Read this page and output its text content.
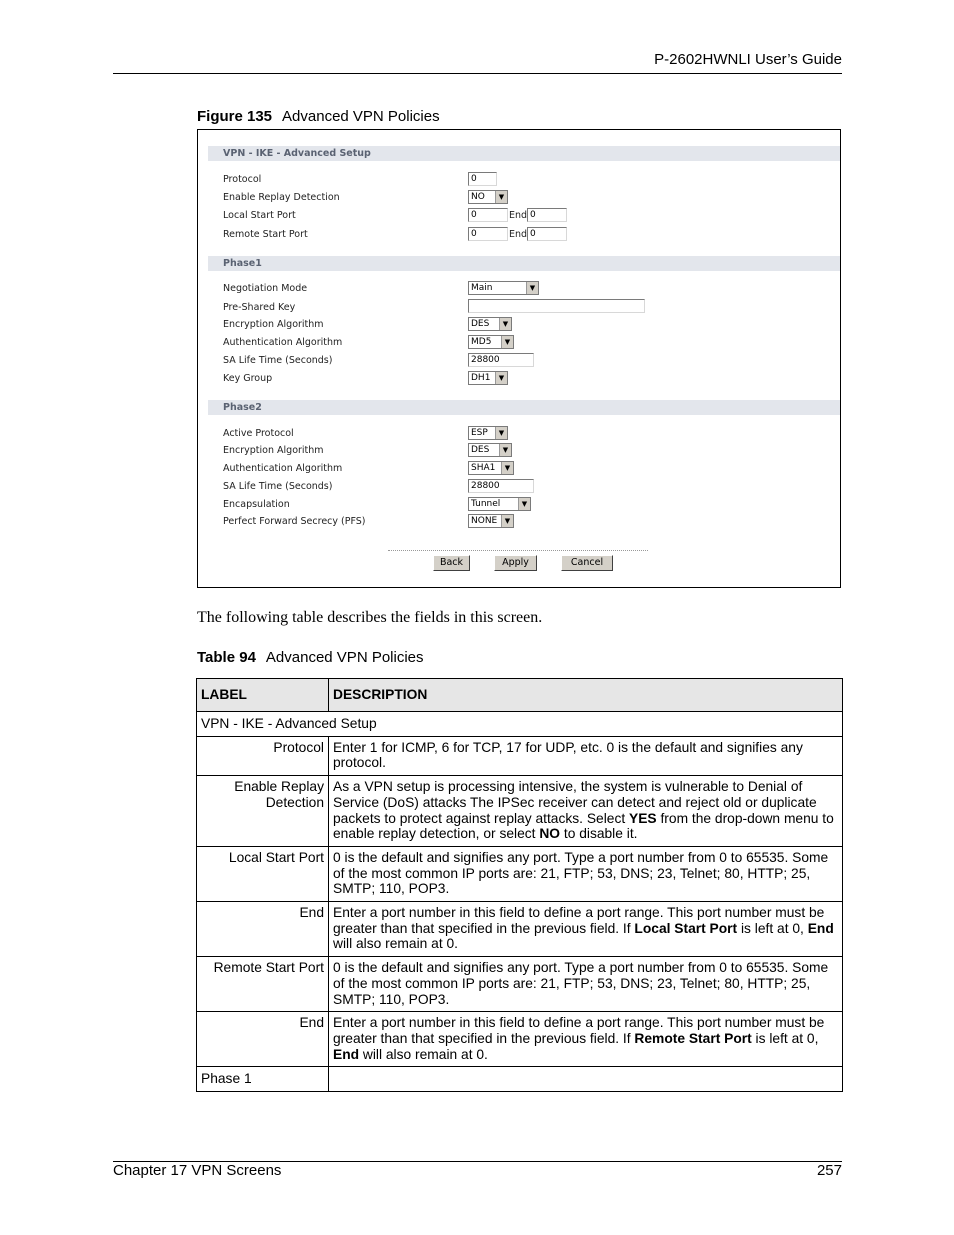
P-2602HWNLI User’s Guide
Figure 135 Advanced VPN Policies
VPN - IKE - Advanced Setup
Protocol	0
Enable Replay Detection	NO	▼
Local Start Port	0	End 0
Remote Start Port	0	End 0
Phase1
Negotiation Mode	Main	▼
Pre-Shared Key
Encryption Algorithm	DES	▼
Authentication Algorithm	MD5	▼
SA Life Time (Seconds)	28800
Key Group	DH1	▼
Phase2
Active Protocol	ESP	▼
Encryption Algorithm	DES	▼
Authentication Algorithm	SHA1	▼
SA Life Time (Seconds)	28800
Encapsulation	Tunnel	▼
Perfect Forward Secrecy (PFS)	NONE	▼
Back	Apply	Cancel
The following table describes the fields in this screen.
Table 94 Advanced VPN Policies
LABEL	DESCRIPTION
VPN - IKE - Advanced Setup	
Protocol	Enter 1 for ICMP, 6 for TCP, 17 for UDP, etc. 0 is the default and signifies any protocol.
Enable Replay Detection	As a VPN setup is processing intensive, the system is vulnerable to Denial of Service (DoS) attacks The IPSec receiver can detect and reject old or duplicate packets to protect against replay attacks. Select YES from the drop-down menu to enable replay detection, or select NO to disable it.
Local Start Port	0 is the default and signifies any port. Type a port number from 0 to 65535. Some of the most common IP ports are: 21, FTP; 53, DNS; 23, Telnet; 80, HTTP; 25, SMTP; 110, POP3.
End	Enter a port number in this field to define a port range. This port number must be greater than that specified in the previous field. If Local Start Port is left at 0, End will also remain at 0.
Remote Start Port	0 is the default and signifies any port. Type a port number from 0 to 65535. Some of the most common IP ports are: 21, FTP; 53, DNS; 23, Telnet; 80, HTTP; 25, SMTP; 110, POP3.
End	Enter a port number in this field to define a port range. This port number must be greater than that specified in the previous field. If Remote Start Port is left at 0, End will also remain at 0.
Phase 1	
Chapter 17 VPN Screens	257
